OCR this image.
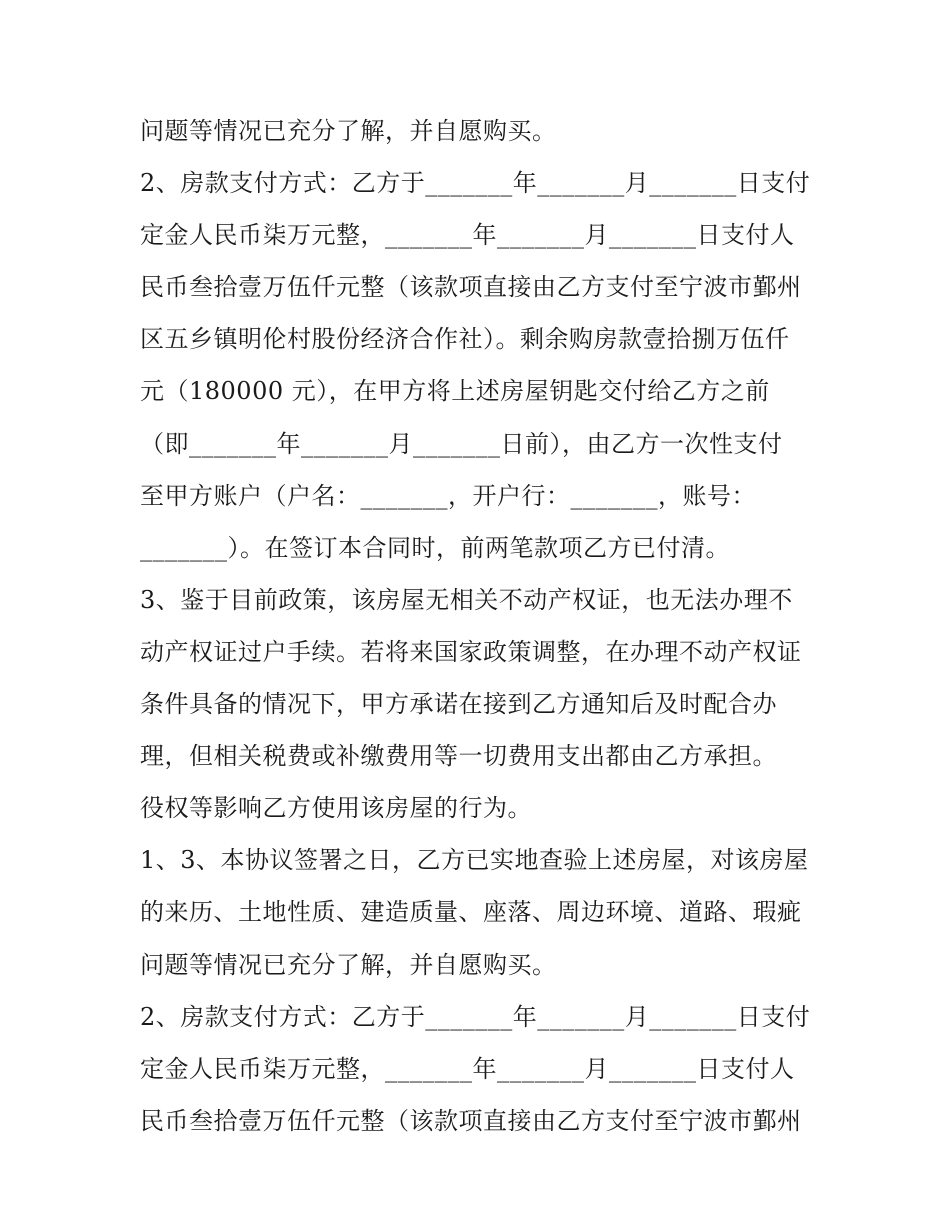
问题等情况已充分了解，并自愿购买。
2、房款支付方式：乙方于_______年_______月_______日支付
定金人民币柒万元整，_______年_______月_______日支付人
民币叁拾壹万伍仟元整（该款项直接由乙方支付至宁波市鄞州
区五乡镇明伦村股份经济合作社）。剩余购房款壹拾捌万伍仟
元（180000 元），在甲方将上述房屋钥匙交付给乙方之前
（即_______年_______月_______日前），由乙方一次性支付
至甲方账户（户名：_______，开户行：_______，账号：
_______）。在签订本合同时，前两笔款项乙方已付清。
3、鉴于目前政策，该房屋无相关不动产权证，也无法办理不
动产权证过户手续。若将来国家政策调整，在办理不动产权证
条件具备的情况下，甲方承诺在接到乙方通知后及时配合办
理，但相关税费或补缴费用等一切费用支出都由乙方承担。
役权等影响乙方使用该房屋的行为。
1、3、本协议签署之日，乙方已实地查验上述房屋，对该房屋
的来历、土地性质、建造质量、座落、周边环境、道路、瑕疵
问题等情况已充分了解，并自愿购买。
2、房款支付方式：乙方于_______年_______月_______日支付
定金人民币柒万元整，_______年_______月_______日支付人
民币叁拾壹万伍仟元整（该款项直接由乙方支付至宁波市鄞州
